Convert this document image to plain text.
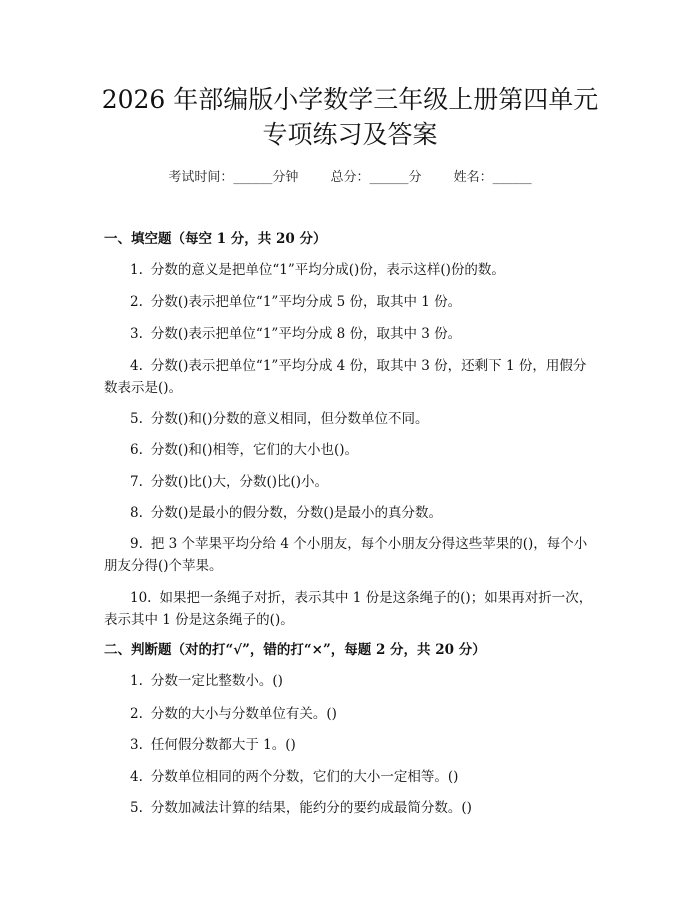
2026 年部编版小学数学三年级上册第四单元
专项练习及答案
考试时间：______分钟 总分：______分 姓名：______
一、填空题（每空 1 分，共 20 分）
1. 分数的意义是把单位“1”平均分成()份，表示这样()份的数。
2. 分数()表示把单位“1”平均分成 5 份，取其中 1 份。
3. 分数()表示把单位“1”平均分成 8 份，取其中 3 份。
4. 分数()表示把单位“1”平均分成 4 份，取其中 3 份，还剩下 1 份，用假分数表示是()。
5. 分数()和()分数的意义相同，但分数单位不同。
6. 分数()和()相等，它们的大小也()。
7. 分数()比()大，分数()比()小。
8. 分数()是最小的假分数，分数()是最小的真分数。
9. 把 3 个苹果平均分给 4 个小朋友，每个小朋友分得这些苹果的()，每个小朋友分得()个苹果。
10. 如果把一条绳子对折，表示其中 1 份是这条绳子的()；如果再对折一次，表示其中 1 份是这条绳子的()。
二、判断题（对的打“√”，错的打“×”，每题 2 分，共 20 分）
1. 分数一定比整数小。()
2. 分数的大小与分数单位有关。()
3. 任何假分数都大于 1。()
4. 分数单位相同的两个分数，它们的大小一定相等。()
5. 分数加减法计算的结果，能约分的要约成最简分数。()
